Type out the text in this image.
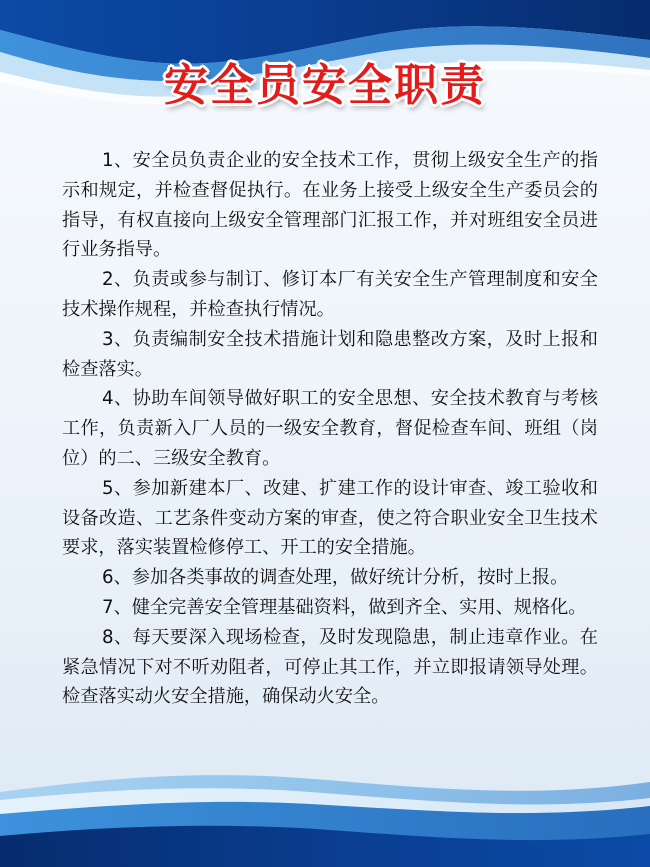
安全员安全职责

1、安全员负责企业的安全技术工作，贯彻上级安全生产的指示和规定，并检查督促执行。在业务上接受上级安全生产委员会的指导，有权直接向上级安全管理部门汇报工作，并对班组安全员进行业务指导。

2、负责或参与制订、修订本厂有关安全生产管理制度和安全技术操作规程，并检查执行情况。

3、负责编制安全技术措施计划和隐患整改方案，及时上报和检查落实。

4、协助车间领导做好职工的安全思想、安全技术教育与考核工作，负责新入厂人员的一级安全教育，督促检查车间、班组（岗位）的二、三级安全教育。

5、参加新建本厂、改建、扩建工作的设计审查、竣工验收和设备改造、工艺条件变动方案的审查，使之符合职业安全卫生技术要求，落实装置检修停工、开工的安全措施。

6、参加各类事故的调查处理，做好统计分析，按时上报。

7、健全完善安全管理基础资料，做到齐全、实用、规格化。

8、每天要深入现场检查，及时发现隐患，制止违章作业。在紧急情况下对不听劝阻者，可停止其工作，并立即报请领导处理。检查落实动火安全措施，确保动火安全。
